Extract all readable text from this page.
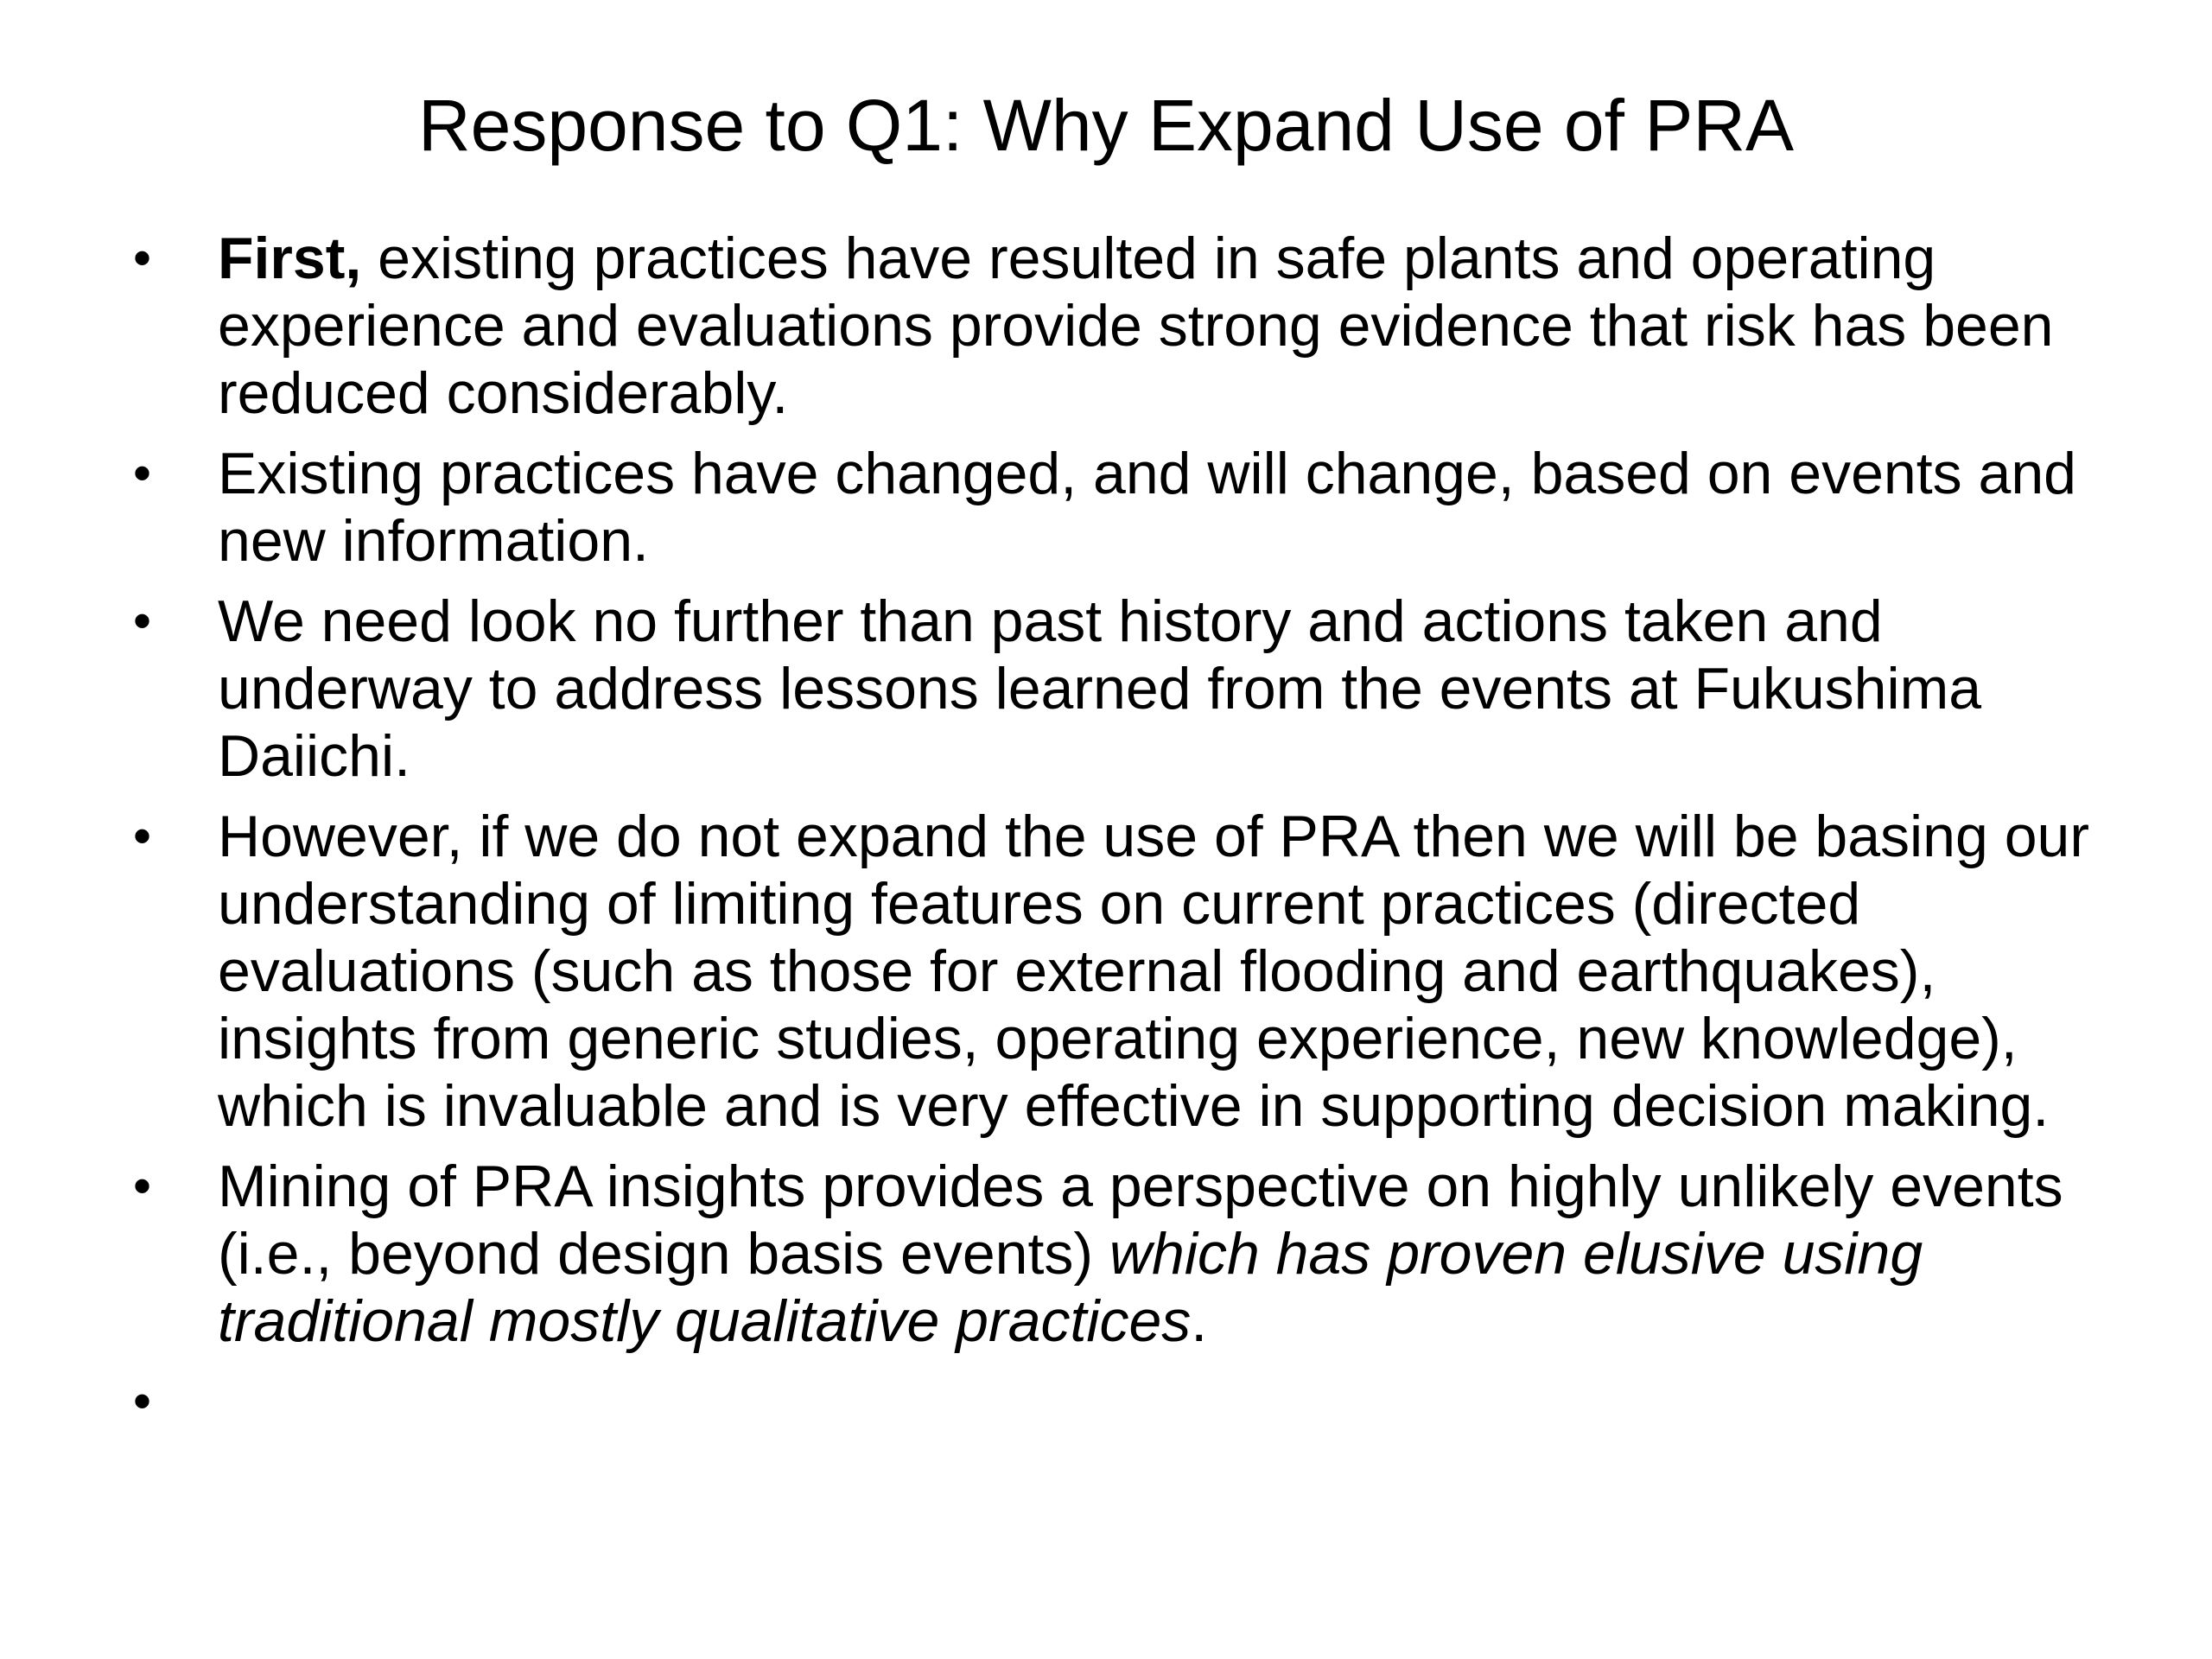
Response to Q1: Why Expand Use of PRA
• First, existing practices have resulted in safe plants and operating experience and evaluations provide strong evidence that risk has been reduced considerably.
• Existing practices have changed, and will change, based on events and new information.
• We need look no further than past history and actions taken and underway to address lessons learned from the events at Fukushima Daiichi.
• However, if we do not expand the use of PRA then we will be basing our understanding of limiting features on current practices (directed evaluations (such as those for external flooding and earthquakes), insights from generic studies, operating experience, new knowledge), which is invaluable and is very effective in supporting decision making.
• Mining of PRA insights provides a perspective on highly unlikely events (i.e., beyond design basis events) which has proven elusive using traditional mostly qualitative practices.
•
